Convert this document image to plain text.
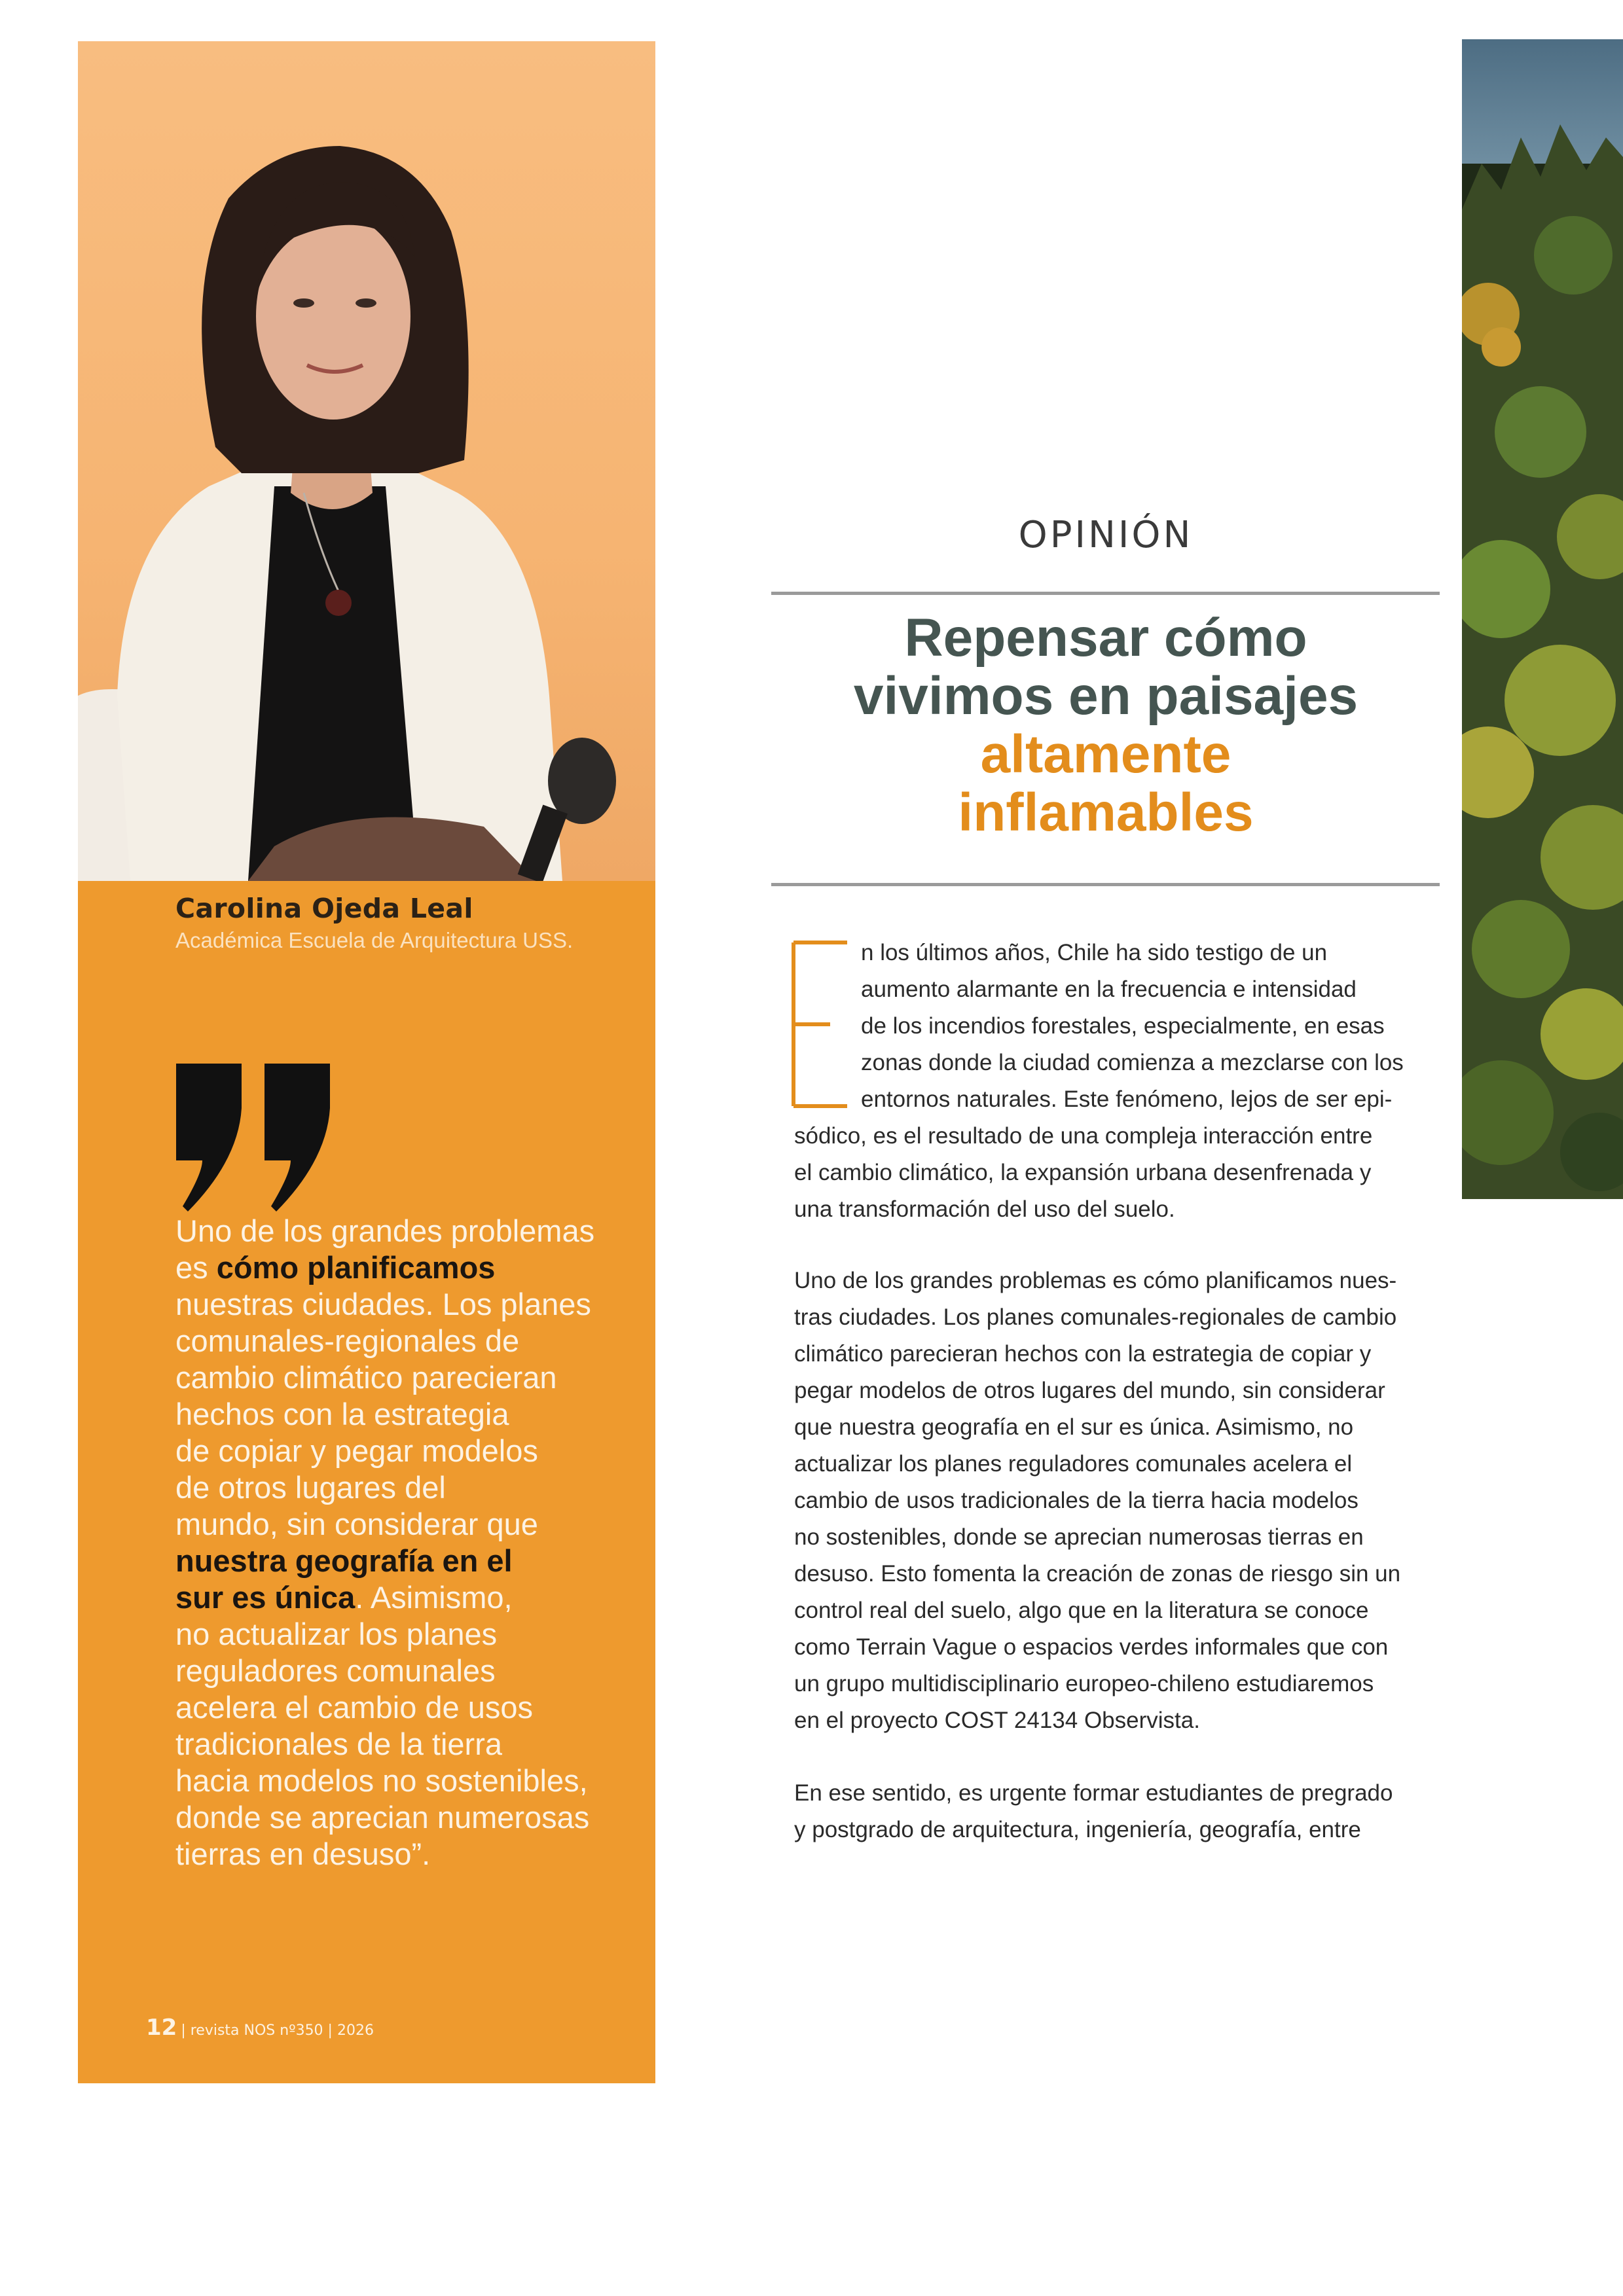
Carolina Ojeda Leal
Académica Escuela de Arquitectura USS.
Uno de los grandes problemas
es cómo planificamos
nuestras ciudades. Los planes
comunales-regionales de
cambio climático parecieran
hechos con la estrategia
de copiar y pegar modelos
de otros lugares del
mundo, sin considerar que
nuestra geografía en el
sur es única. Asimismo,
no actualizar los planes
reguladores comunales
acelera el cambio de usos
tradicionales de la tierra
hacia modelos no sostenibles,
donde se aprecian numerosas
tierras en desuso”.
12 | revista NOS nº350 | 2026
OPINIÓN
Repensar cómo
vivimos en paisajes
altamente
inflamables
E	n los últimos años, Chile ha sido testigo de un
aumento alarmante en la frecuencia e intensidad
de los incendios forestales, especialmente, en esas
zonas donde la ciudad comienza a mezclarse con los
entornos naturales. Este fenómeno, lejos de ser epi-
sódico, es el resultado de una compleja interacción entre
el cambio climático, la expansión urbana desenfrenada y
una transformación del uso del suelo.
Uno de los grandes problemas es cómo planificamos nues-
tras ciudades. Los planes comunales-regionales de cambio
climático parecieran hechos con la estrategia de copiar y
pegar modelos de otros lugares del mundo, sin considerar
que nuestra geografía en el sur es única. Asimismo, no
actualizar los planes reguladores comunales acelera el
cambio de usos tradicionales de la tierra hacia modelos
no sostenibles, donde se aprecian numerosas tierras en
desuso. Esto fomenta la creación de zonas de riesgo sin un
control real del suelo, algo que en la literatura se conoce
como Terrain Vague o espacios verdes informales que con
un grupo multidisciplinario europeo-chileno estudiaremos
en el proyecto COST 24134 Observista.
En ese sentido, es urgente formar estudiantes de pregrado
y postgrado de arquitectura, ingeniería, geografía, entre
